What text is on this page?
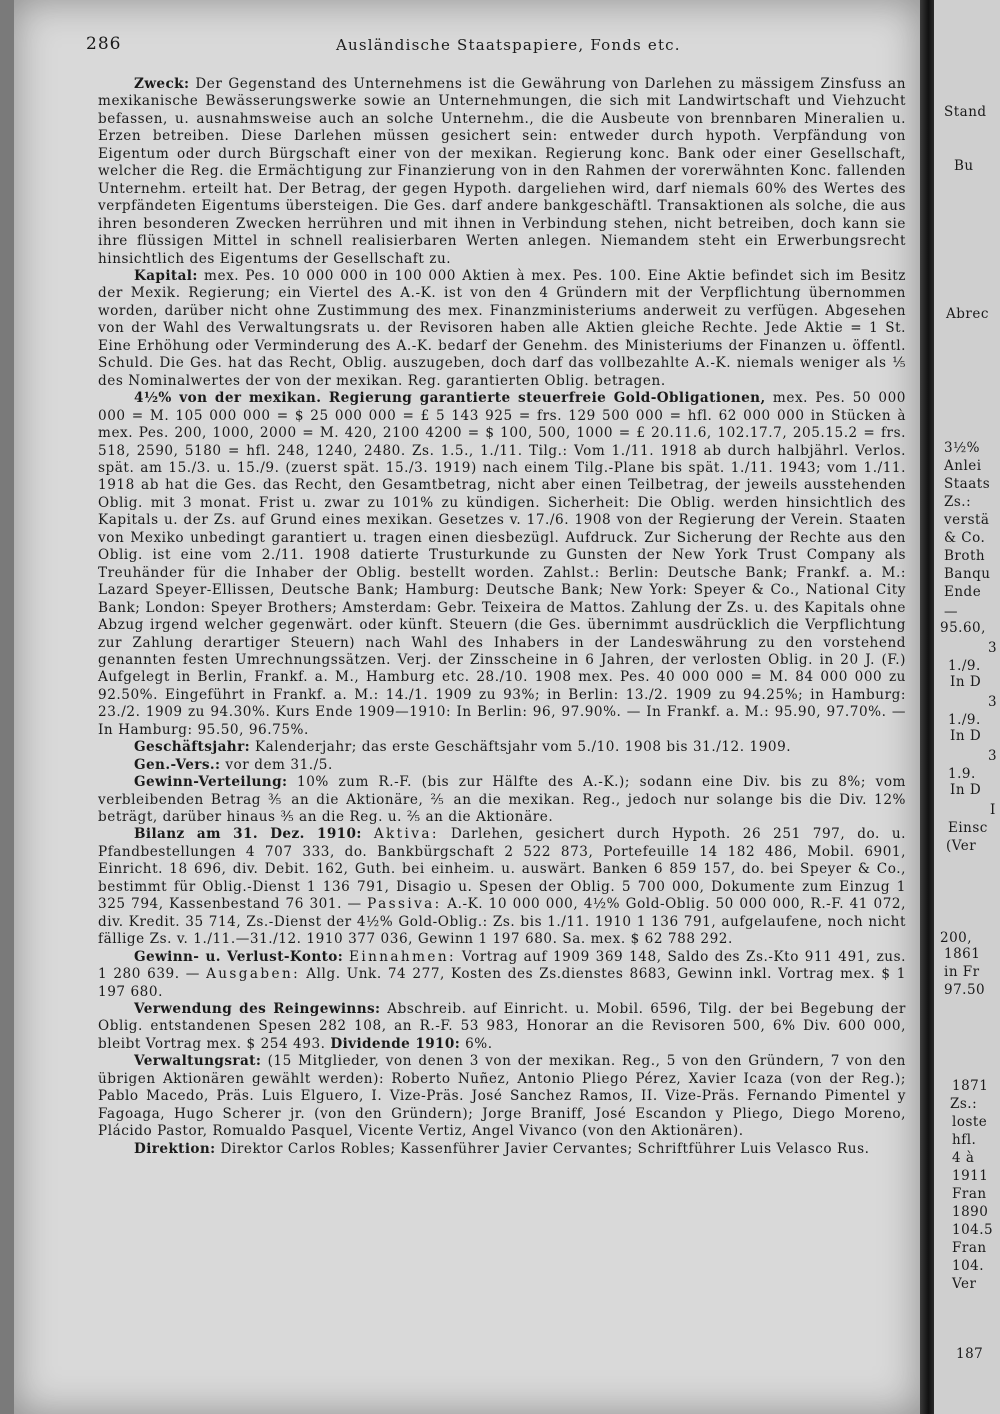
286	Ausländische Staatspapiere, Fonds etc.

Zweck: Der Gegenstand des Unternehmens ist die Gewährung von Darlehen zu mässigem Zinsfuss an mexikanische Bewässerungswerke sowie an Unternehmungen, die sich mit Landwirtschaft und Viehzucht befassen, u. ausnahmsweise auch an solche Unternehm., die die Ausbeute von brennbaren Mineralien u. Erzen betreiben. Diese Darlehen müssen gesichert sein: entweder durch hypoth. Verpfändung von Eigentum oder durch Bürgschaft einer von der mexikan. Regierung konc. Bank oder einer Gesellschaft, welcher die Reg. die Ermächtigung zur Finanzierung von in den Rahmen der vorerwähnten Konc. fallenden Unternehm. erteilt hat. Der Betrag, der gegen Hypoth. dargeliehen wird, darf niemals 60% des Wertes des verpfändeten Eigentums übersteigen. Die Ges. darf andere bankgeschäftl. Transaktionen als solche, die aus ihren besonderen Zwecken herrühren und mit ihnen in Verbindung stehen, nicht betreiben, doch kann sie ihre flüssigen Mittel in schnell realisierbaren Werten anlegen. Niemandem steht ein Erwerbungsrecht hinsichtlich des Eigentums der Gesellschaft zu.

Kapital: mex. Pes. 10 000 000 in 100 000 Aktien à mex. Pes. 100. Eine Aktie befindet sich im Besitz der Mexik. Regierung; ein Viertel des A.-K. ist von den 4 Gründern mit der Verpflichtung übernommen worden, darüber nicht ohne Zustimmung des mex. Finanzministeriums anderweit zu verfügen. Abgesehen von der Wahl des Verwaltungsrats u. der Revisoren haben alle Aktien gleiche Rechte. Jede Aktie = 1 St. Eine Erhöhung oder Verminderung des A.-K. bedarf der Genehm. des Ministeriums der Finanzen u. öffentl. Schuld. Die Ges. hat das Recht, Oblig. auszugeben, doch darf das vollbezahlte A.-K. niemals weniger als ⅕ des Nominalwertes der von der mexikan. Reg. garantierten Oblig. betragen.

4½% von der mexikan. Regierung garantierte steuerfreie Gold-Obligationen, mex. Pes. 50 000 000 = M. 105 000 000 = $ 25 000 000 = £ 5 143 925 = frs. 129 500 000 = hfl. 62 000 000 in Stücken à mex. Pes. 200, 1000, 2000 = M. 420, 2100 4200 = $ 100, 500, 1000 = £ 20.11.6, 102.17.7, 205.15.2 = frs. 518, 2590, 5180 = hfl. 248, 1240, 2480. Zs. 1.5., 1./11. Tilg.: Vom 1./11. 1918 ab durch halbjährl. Verlos. spät. am 15./3. u. 15./9. (zuerst spät. 15./3. 1919) nach einem Tilg.-Plane bis spät. 1./11. 1943; vom 1./11. 1918 ab hat die Ges. das Recht, den Gesamtbetrag, nicht aber einen Teilbetrag, der jeweils ausstehenden Oblig. mit 3 monat. Frist u. zwar zu 101% zu kündigen. Sicherheit: Die Oblig. werden hinsichtlich des Kapitals u. der Zs. auf Grund eines mexikan. Gesetzes v. 17./6. 1908 von der Regierung der Verein. Staaten von Mexiko unbedingt garantiert u. tragen einen diesbezügl. Aufdruck. Zur Sicherung der Rechte aus den Oblig. ist eine vom 2./11. 1908 datierte Trusturkunde zu Gunsten der New York Trust Company als Treuhänder für die Inhaber der Oblig. bestellt worden. Zahlst.: Berlin: Deutsche Bank; Frankf. a. M.: Lazard Speyer-Ellissen, Deutsche Bank; Hamburg: Deutsche Bank; New York: Speyer & Co., National City Bank; London: Speyer Brothers; Amsterdam: Gebr. Teixeira de Mattos. Zahlung der Zs. u. des Kapitals ohne Abzug irgend welcher gegenwärt. oder künft. Steuern (die Ges. übernimmt ausdrücklich die Verpflichtung zur Zahlung derartiger Steuern) nach Wahl des Inhabers in der Landeswährung zu den vorstehend genannten festen Umrechnungssätzen. Verj. der Zinsscheine in 6 Jahren, der verlosten Oblig. in 20 J. (F.) Aufgelegt in Berlin, Frankf. a. M., Hamburg etc. 28./10. 1908 mex. Pes. 40 000 000 = M. 84 000 000 zu 92.50%. Eingeführt in Frankf. a. M.: 14./1. 1909 zu 93%; in Berlin: 13./2. 1909 zu 94.25%; in Hamburg: 23./2. 1909 zu 94.30%. Kurs Ende 1909—1910: In Berlin: 96, 97.90%. — In Frankf. a. M.: 95.90, 97.70%. — In Hamburg: 95.50, 96.75%.

Geschäftsjahr: Kalenderjahr; das erste Geschäftsjahr vom 5./10. 1908 bis 31./12. 1909.

Gen.-Vers.: vor dem 31./5.

Gewinn-Verteilung: 10% zum R.-F. (bis zur Hälfte des A.-K.); sodann eine Div. bis zu 8%; vom verbleibenden Betrag ⅗ an die Aktionäre, ⅖ an die mexikan. Reg., jedoch nur solange bis die Div. 12% beträgt, darüber hinaus ⅗ an die Reg. u. ⅖ an die Aktionäre.

Bilanz am 31. Dez. 1910: Aktiva: Darlehen, gesichert durch Hypoth. 26 251 797, do. u. Pfandbestellungen 4 707 333, do. Bankbürgschaft 2 522 873, Portefeuille 14 182 486, Mobil. 6901, Einricht. 18 696, div. Debit. 162, Guth. bei einheim. u. auswärt. Banken 6 859 157, do. bei Speyer & Co., bestimmt für Oblig.-Dienst 1 136 791, Disagio u. Spesen der Oblig. 5 700 000, Dokumente zum Einzug 1 325 794, Kassenbestand 76 301. — Passiva: A.-K. 10 000 000, 4½% Gold-Oblig. 50 000 000, R.-F. 41 072, div. Kredit. 35 714, Zs.-Dienst der 4½% Gold-Oblig.: Zs. bis 1./11. 1910 1 136 791, aufgelaufene, noch nicht fällige Zs. v. 1./11.—31./12. 1910 377 036, Gewinn 1 197 680. Sa. mex. $ 62 788 292.

Gewinn- u. Verlust-Konto: Einnahmen: Vortrag auf 1909 369 148, Saldo des Zs.-Kto 911 491, zus. 1 280 639. — Ausgaben: Allg. Unk. 74 277, Kosten des Zs.dienstes 8683, Gewinn inkl. Vortrag mex. $ 1 197 680.

Verwendung des Reingewinns: Abschreib. auf Einricht. u. Mobil. 6596, Tilg. der bei Begebung der Oblig. entstandenen Spesen 282 108, an R.-F. 53 983, Honorar an die Revisoren 500, 6% Div. 600 000, bleibt Vortrag mex. $ 254 493. Dividende 1910: 6%.

Verwaltungsrat: (15 Mitglieder, von denen 3 von der mexikan. Reg., 5 von den Gründern, 7 von den übrigen Aktionären gewählt werden): Roberto Nuñez, Antonio Pliego Pérez, Xavier Icaza (von der Reg.); Pablo Macedo, Präs. Luis Elguero, I. Vize-Präs. José Sanchez Ramos, II. Vize-Präs. Fernando Pimentel y Fagoaga, Hugo Scherer jr. (von den Gründern); Jorge Braniff, José Escandon y Pliego, Diego Moreno, Plácido Pastor, Romualdo Pasquel, Vicente Vertiz, Angel Vivanco (von den Aktionären).

Direktion: Direktor Carlos Robles; Kassenführer Javier Cervantes; Schriftführer Luis Velasco Rus.

Stand
Bu
Abrec
3½%
Anlei
Staats
Zs.:
verstä
& Co.
Broth
Banqu
Ende
—
95.60,
3
1./9.
In D
3
1./9.
In D
3
1.9.
In D
I
Einsc
(Ver
200,
1861
in Fr
97.50
1871
Zs.:
loste
hfl.
4 à
1911
Fran
1890
104.5
Fran
104.
Ver
187
